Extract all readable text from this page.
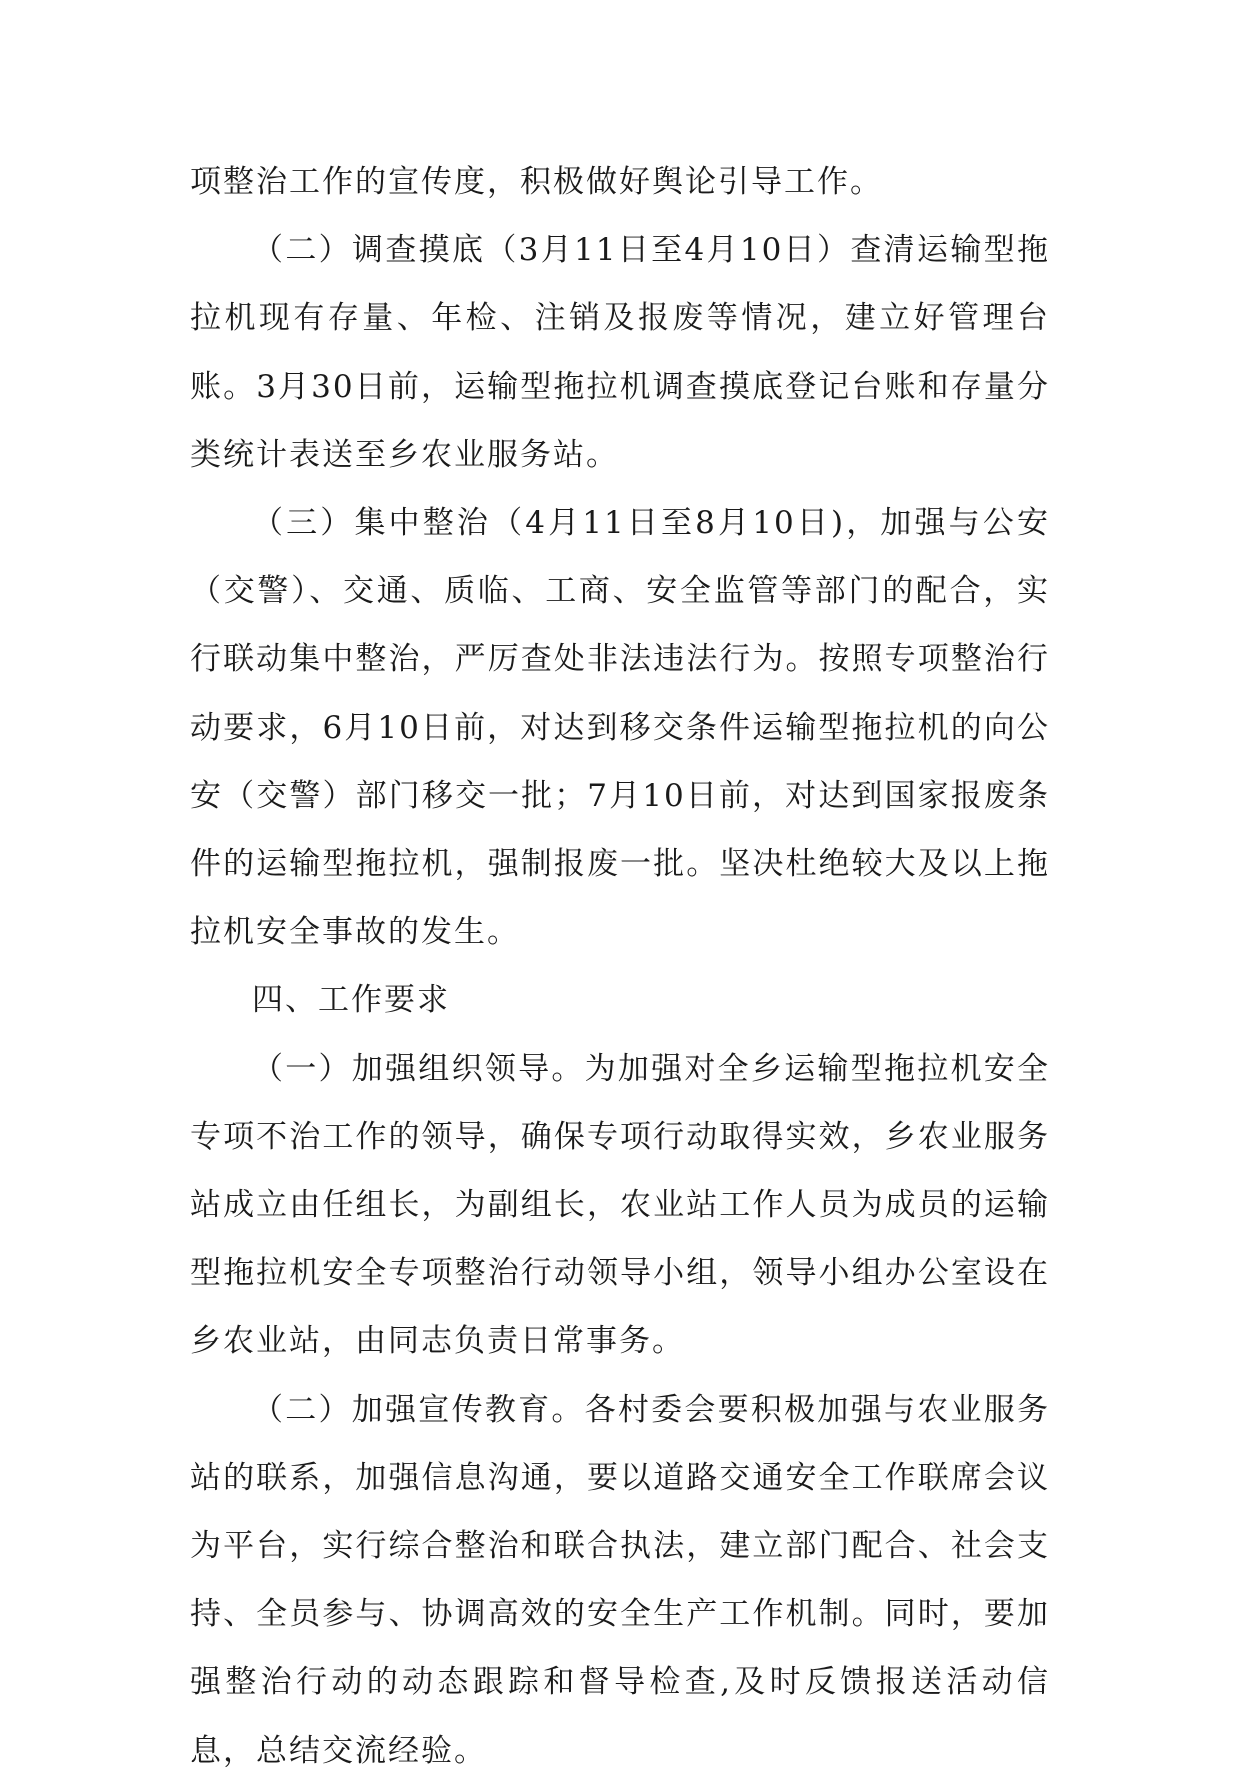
项整治工作的宣传度，积极做好舆论引导工作。

（二）调查摸底（3月11日至4月10日）查清运输型拖拉机现有存量、年检、注销及报废等情况，建立好管理台账。3月30日前，运输型拖拉机调查摸底登记台账和存量分类统计表送至乡农业服务站。

（三）集中整治（4月11日至8月10日)，加强与公安（交警）、交通、质临、工商、安全监管等部门的配合，实行联动集中整治，严厉查处非法违法行为。按照专项整治行动要求，6月10日前，对达到移交条件运输型拖拉机的向公安（交警）部门移交一批；7月10日前，对达到国家报废条件的运输型拖拉机，强制报废一批。坚决杜绝较大及以上拖拉机安全事故的发生。

四、工作要求

（一）加强组织领导。为加强对全乡运输型拖拉机安全专项不治工作的领导，确保专项行动取得实效，乡农业服务站成立由任组长，为副组长，农业站工作人员为成员的运输型拖拉机安全专项整治行动领导小组，领导小组办公室设在乡农业站，由同志负责日常事务。

（二）加强宣传教育。各村委会要积极加强与农业服务站的联系，加强信息沟通，要以道路交通安全工作联席会议为平台，实行综合整治和联合执法，建立部门配合、社会支持、全员参与、协调高效的安全生产工作机制。同时，要加强整治行动的动态跟踪和督导检查,及时反馈报送活动信息，总结交流经验。
